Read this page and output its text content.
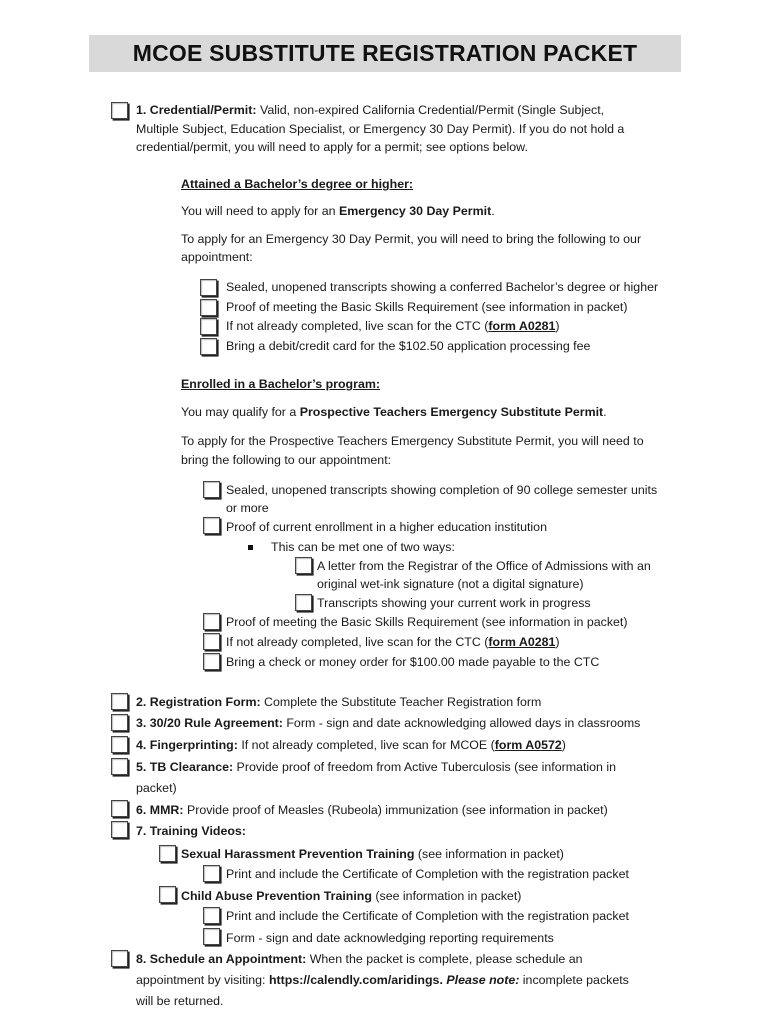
MCOE SUBSTITUTE REGISTRATION PACKET
1. Credential/Permit: Valid, non-expired California Credential/Permit (Single Subject,
Multiple Subject, Education Specialist, or Emergency 30 Day Permit). If you do not hold a
credential/permit, you will need to apply for a permit; see options below.
Attained a Bachelor’s degree or higher:
You will need to apply for an Emergency 30 Day Permit.
To apply for an Emergency 30 Day Permit, you will need to bring the following to our
appointment:
Sealed, unopened transcripts showing a conferred Bachelor’s degree or higher
Proof of meeting the Basic Skills Requirement (see information in packet)
If not already completed, live scan for the CTC (form A0281)
Bring a debit/credit card for the $102.50 application processing fee
Enrolled in a Bachelor’s program:
You may qualify for a Prospective Teachers Emergency Substitute Permit.
To apply for the Prospective Teachers Emergency Substitute Permit, you will need to
bring the following to our appointment:
Sealed, unopened transcripts showing completion of 90 college semester units
or more
Proof of current enrollment in a higher education institution
This can be met one of two ways:
A letter from the Registrar of the Office of Admissions with an
original wet-ink signature (not a digital signature)
Transcripts showing your current work in progress
Proof of meeting the Basic Skills Requirement (see information in packet)
If not already completed, live scan for the CTC (form A0281)
Bring a check or money order for $100.00 made payable to the CTC
2. Registration Form: Complete the Substitute Teacher Registration form
3. 30/20 Rule Agreement: Form - sign and date acknowledging allowed days in classrooms
4. Fingerprinting: If not already completed, live scan for MCOE (form A0572)
5. TB Clearance: Provide proof of freedom from Active Tuberculosis (see information in
packet)
6. MMR: Provide proof of Measles (Rubeola) immunization (see information in packet)
7. Training Videos:
Sexual Harassment Prevention Training (see information in packet)
Print and include the Certificate of Completion with the registration packet
Child Abuse Prevention Training (see information in packet)
Print and include the Certificate of Completion with the registration packet
Form - sign and date acknowledging reporting requirements
8. Schedule an Appointment: When the packet is complete, please schedule an
appointment by visiting: https://calendly.com/aridings. Please note: incomplete packets
will be returned.
